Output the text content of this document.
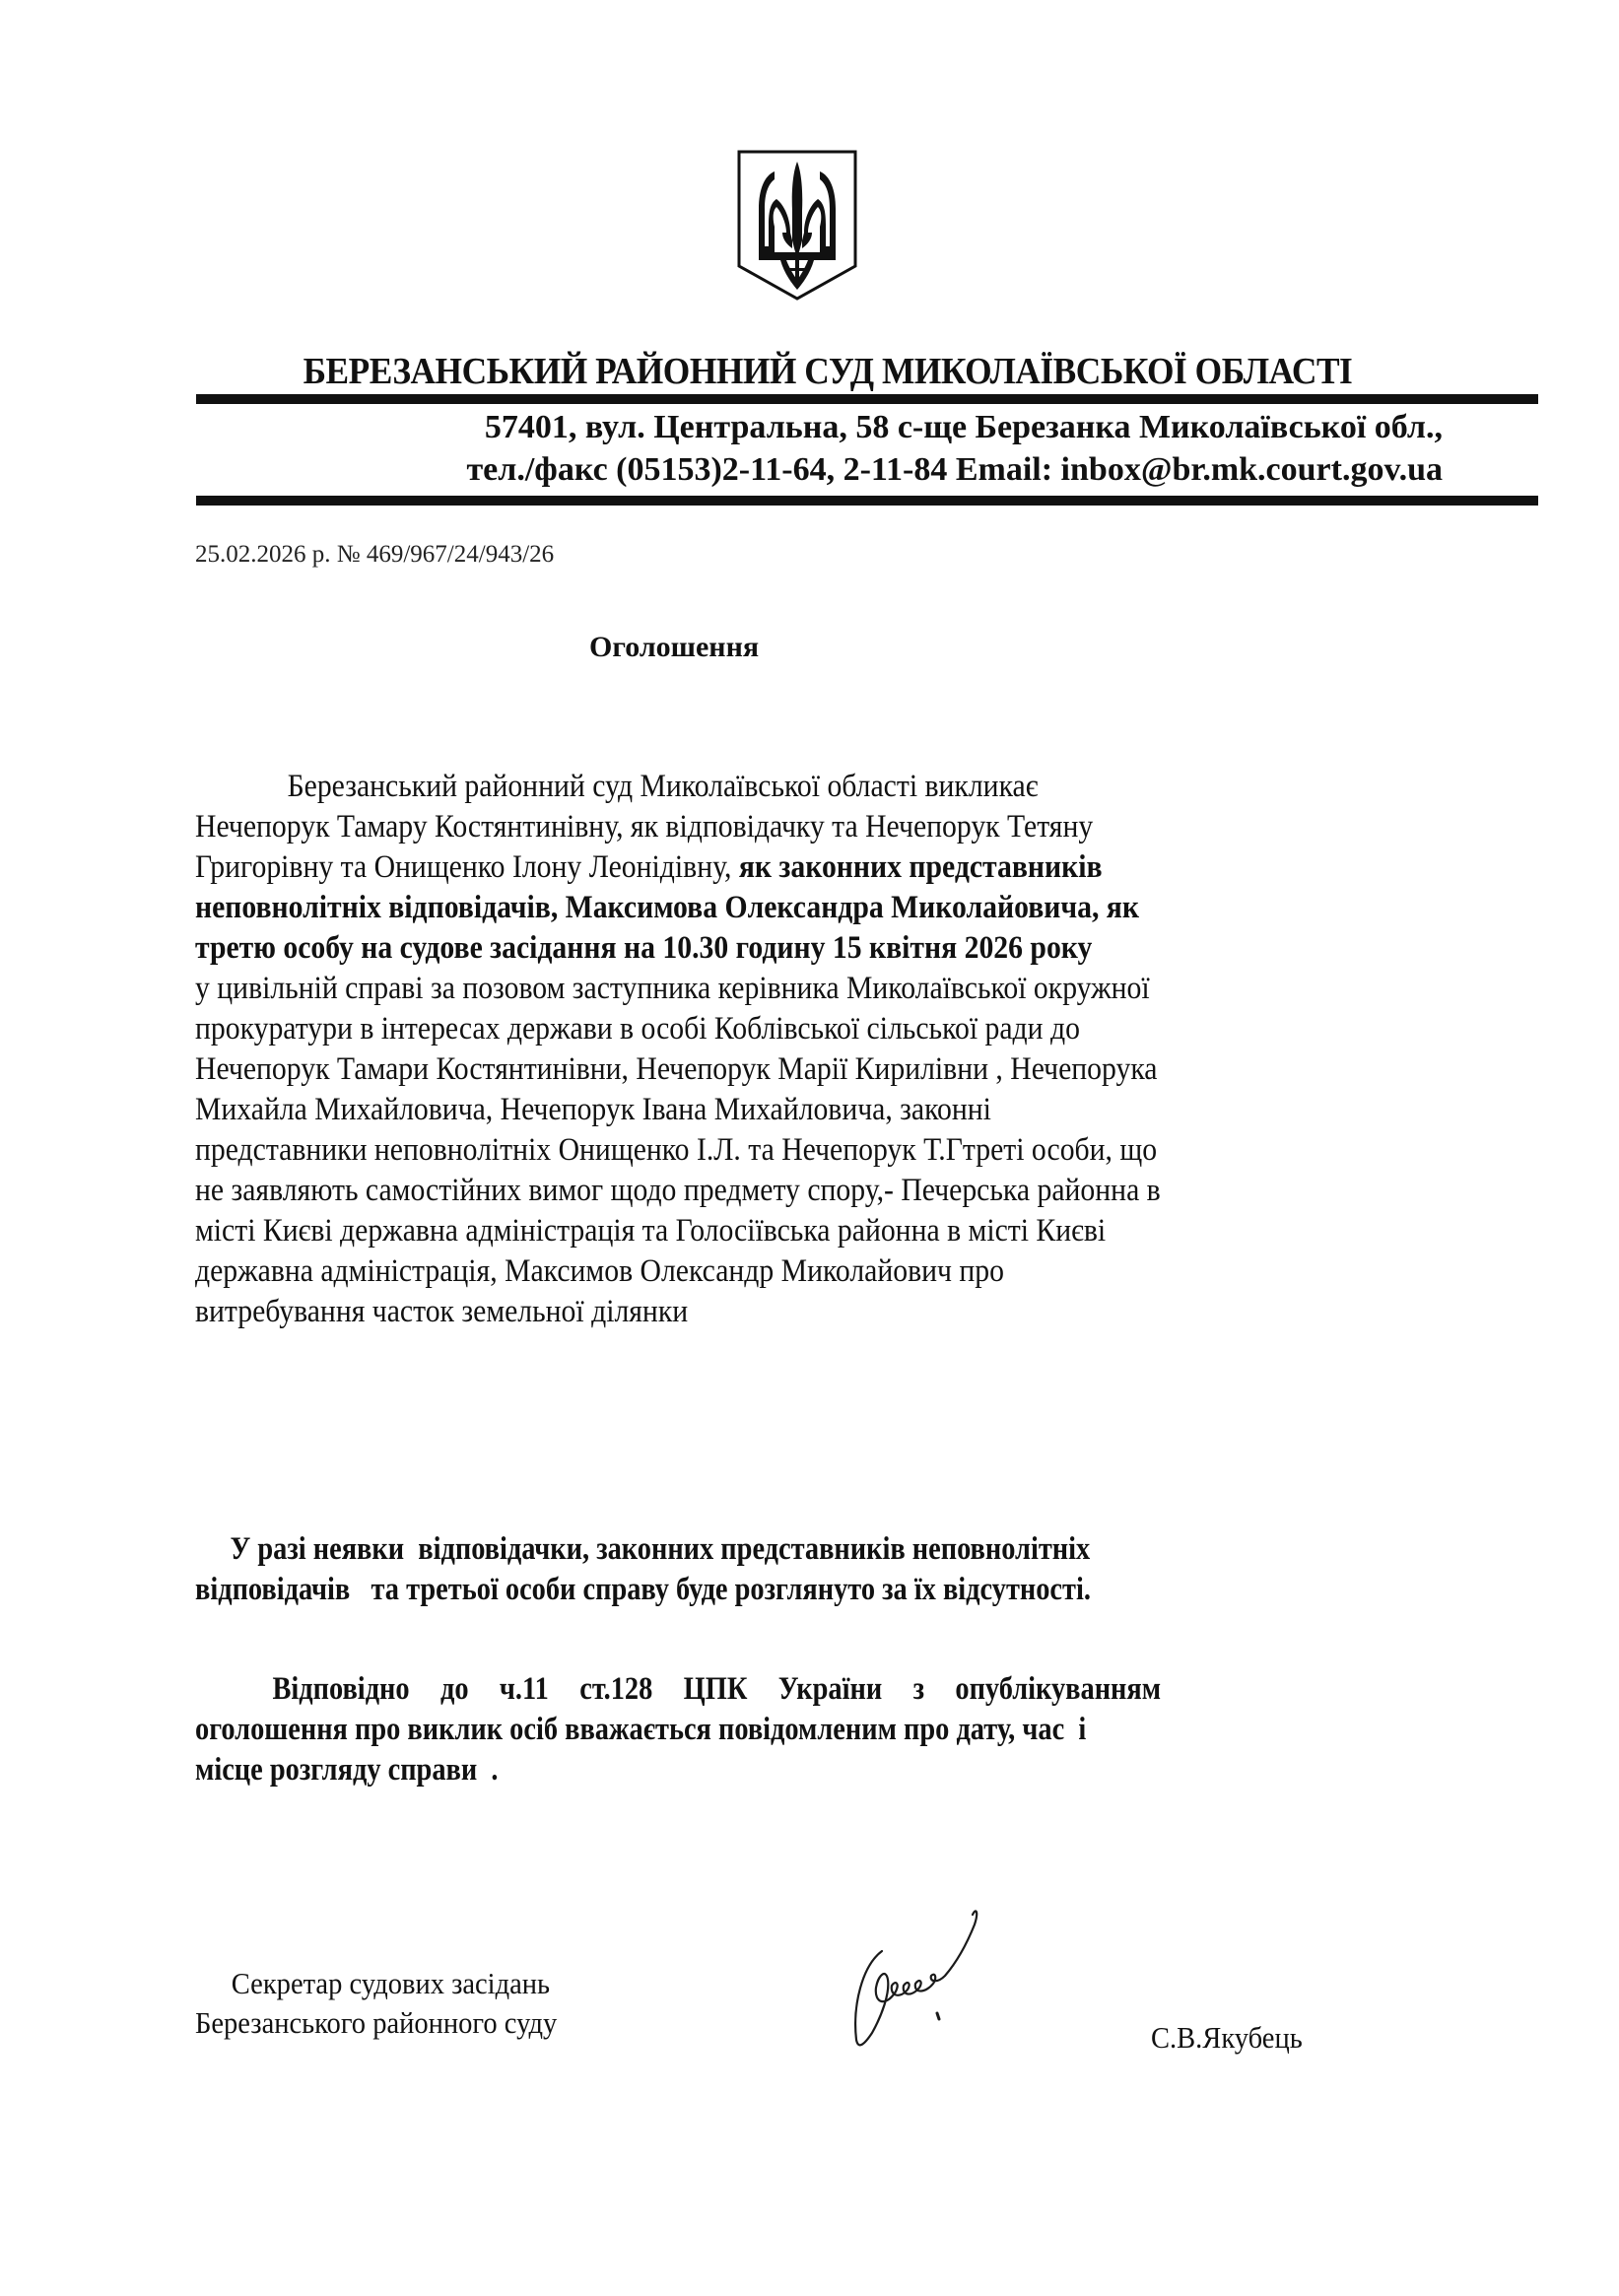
БЕРЕЗАНСЬКИЙ РАЙОННИЙ СУД МИКОЛАЇВСЬКОЇ ОБЛАСТІ
57401, вул. Центральна, 58 с-ще Березанка Миколаївської обл.,
тел./факс (05153)2-11-64, 2-11-84 Email: inbox@br.mk.court.gov.ua
25.02.2026 р. № 469/967/24/943/26
Оголошення
Березанський районний суд Миколаївської області викликає
Нечепорук Тамару Костянтинівну, як відповідачку та Нечепорук Тетяну
Григорівну та Онищенко Ілону Леонідівну, як законних представників
неповнолітніх відповідачів, Максимова Олександра Миколайовича, як
третю особу на судове засідання на 10.30 годину 15 квітня 2026 року
у цивільній справі за позовом заступника керівника Миколаївської окружної
прокуратури в інтересах держави в особі Коблівської сільської ради до
Нечепорук Тамари Костянтинівни, Нечепорук Марії Кирилівни , Нечепорука
Михайла Михайловича, Нечепорук Івана Михайловича, законні
представники неповнолітніх Онищенко І.Л. та Нечепорук Т.Гтреті особи, що
не заявляють самостійних вимог щодо предмету спору,- Печерська районна в
місті Києві державна адміністрація та Голосіївська районна в місті Києві
державна адміністрація, Максимов Олександр Миколайович про
витребування часток земельної ділянки
У разі неявки  відповідачки, законних представників неповнолітніх
відповідачів   та третьої особи справу буде розглянуто за їх відсутності.
Відповідно  до  ч.11  ст.128  ЦПК  України  з  опублікуванням
оголошення про виклик осіб вважається повідомленим про дату, час  і
місце розгляду справи  .
Секретар судових засідань
Березанського районного суду	С.В.Якубець
